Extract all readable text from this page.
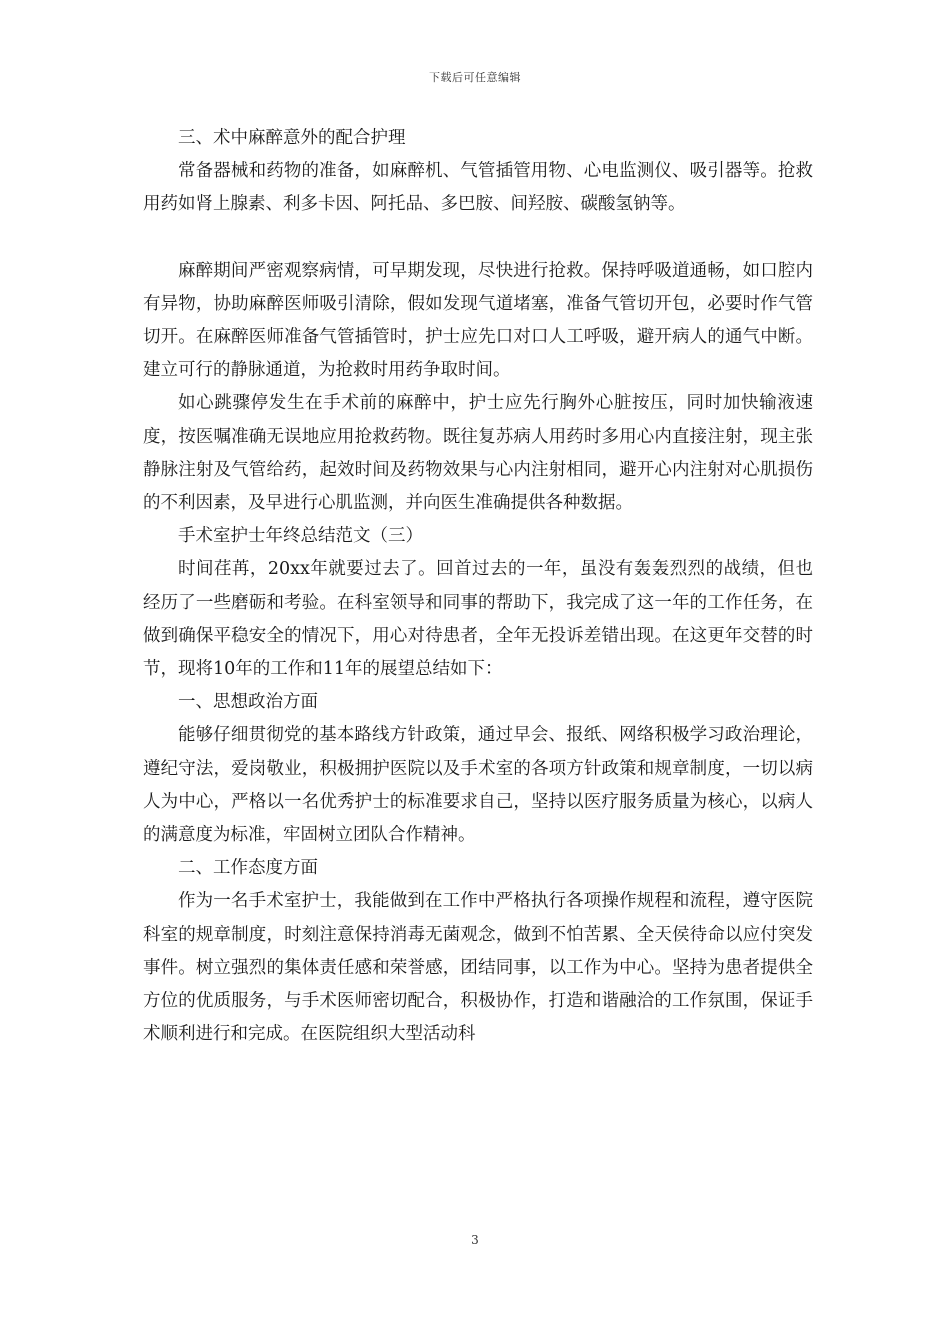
下载后可任意编辑

三、术中麻醉意外的配合护理

常备器械和药物的准备，如麻醉机、气管插管用物、心电监测仪、吸引器等。抢救用药如肾上腺素、利多卡因、阿托品、多巴胺、间羟胺、碳酸氢钠等。

麻醉期间严密观察病情，可早期发现，尽快进行抢救。保持呼吸道通畅，如口腔内有异物，协助麻醉医师吸引清除，假如发现气道堵塞，准备气管切开包，必要时作气管切开。在麻醉医师准备气管插管时，护士应先口对口人工呼吸，避开病人的通气中断。建立可行的静脉通道，为抢救时用药争取时间。

如心跳骤停发生在手术前的麻醉中，护士应先行胸外心脏按压，同时加快输液速度，按医嘱准确无误地应用抢救药物。既往复苏病人用药时多用心内直接注射，现主张静脉注射及气管给药，起效时间及药物效果与心内注射相同，避开心内注射对心肌损伤的不利因素，及早进行心肌监测，并向医生准确提供各种数据。

手术室护士年终总结范文（三）

时间荏苒，20xx年就要过去了。回首过去的一年，虽没有轰轰烈烈的战绩，但也经历了一些磨砺和考验。在科室领导和同事的帮助下，我完成了这一年的工作任务，在做到确保平稳安全的情况下，用心对待患者，全年无投诉差错出现。在这更年交替的时节，现将10年的工作和11年的展望总结如下：

一、思想政治方面

能够仔细贯彻党的基本路线方针政策，通过早会、报纸、网络积极学习政治理论，遵纪守法，爱岗敬业，积极拥护医院以及手术室的各项方针政策和规章制度，一切以病人为中心，严格以一名优秀护士的标准要求自己，坚持以医疗服务质量为核心，以病人的满意度为标准，牢固树立团队合作精神。

二、工作态度方面

作为一名手术室护士，我能做到在工作中严格执行各项操作规程和流程，遵守医院科室的规章制度，时刻注意保持消毒无菌观念，做到不怕苦累、全天侯待命以应付突发事件。树立强烈的集体责任感和荣誉感，团结同事，以工作为中心。坚持为患者提供全方位的优质服务，与手术医师密切配合，积极协作，打造和谐融洽的工作氛围，保证手术顺利进行和完成。在医院组织大型活动科

3
